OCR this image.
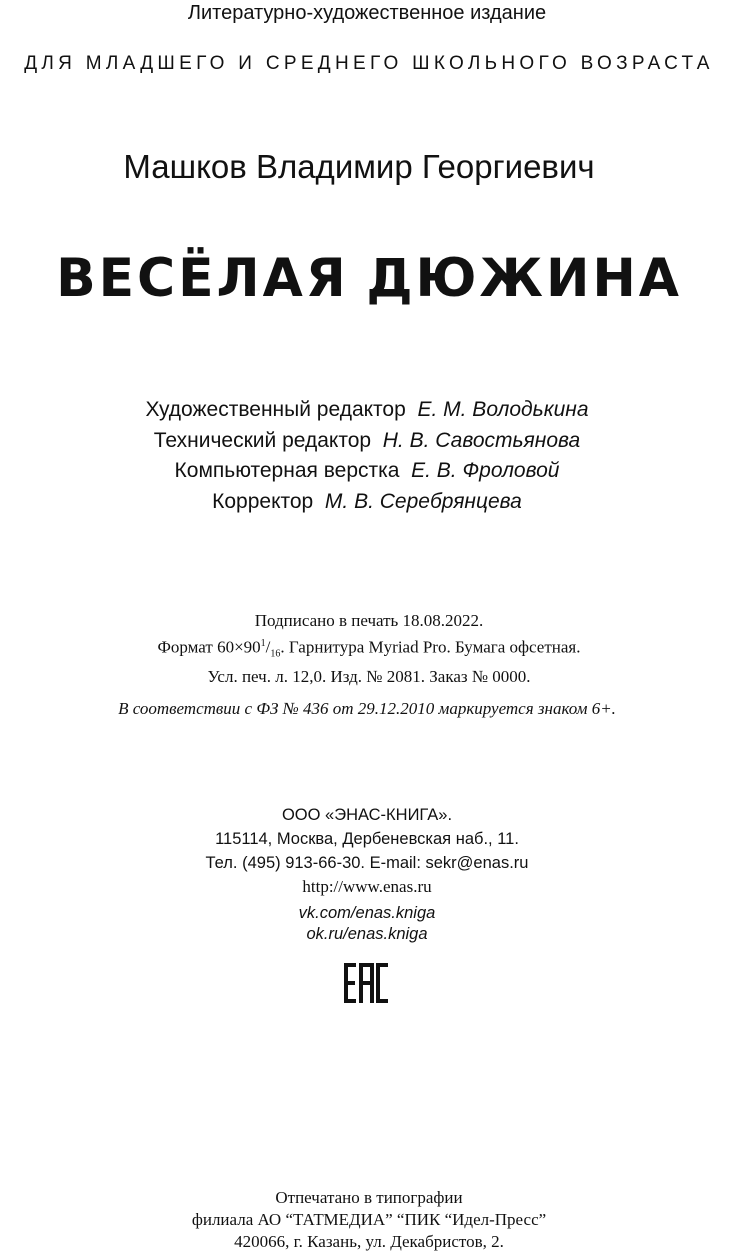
Литературно-художественное издание
ДЛЯ МЛАДШЕГО И СРЕДНЕГО ШКОЛЬНОГО ВОЗРАСТА
Машков Владимир Георгиевич
ВЕСЁЛАЯ ДЮЖИНА
Художественный редактор Е. М. Володькина
Технический редактор Н. В. Савостьянова
Компьютерная верстка Е. В. Фроловой
Корректор М. В. Серебрянцева
Подписано в печать 18.08.2022.
Формат $60\times 90^1/_{16}$. Гарнитура Myriad Pro. Бумага офсетная.
Усл. печ. л. 12,0. Изд. № 2081. Заказ № 0000.
В соответствии с ФЗ № 436 от 29.12.2010 маркируется знаком 6+.
ООО «ЭНАС-КНИГА».
115114, Москва, Дербеневская наб., 11.
Тел. (495) 913-66-30. E-mail: sekr@enas.ru
http://www.enas.ru
vk.com/enas.kniga
ok.ru/enas.kniga
Отпечатано в типографии
филиала АО “ТАТМЕДИА” “ПИК “Идел-Пресс”
420066, г. Казань, ул. Декабристов, 2.
